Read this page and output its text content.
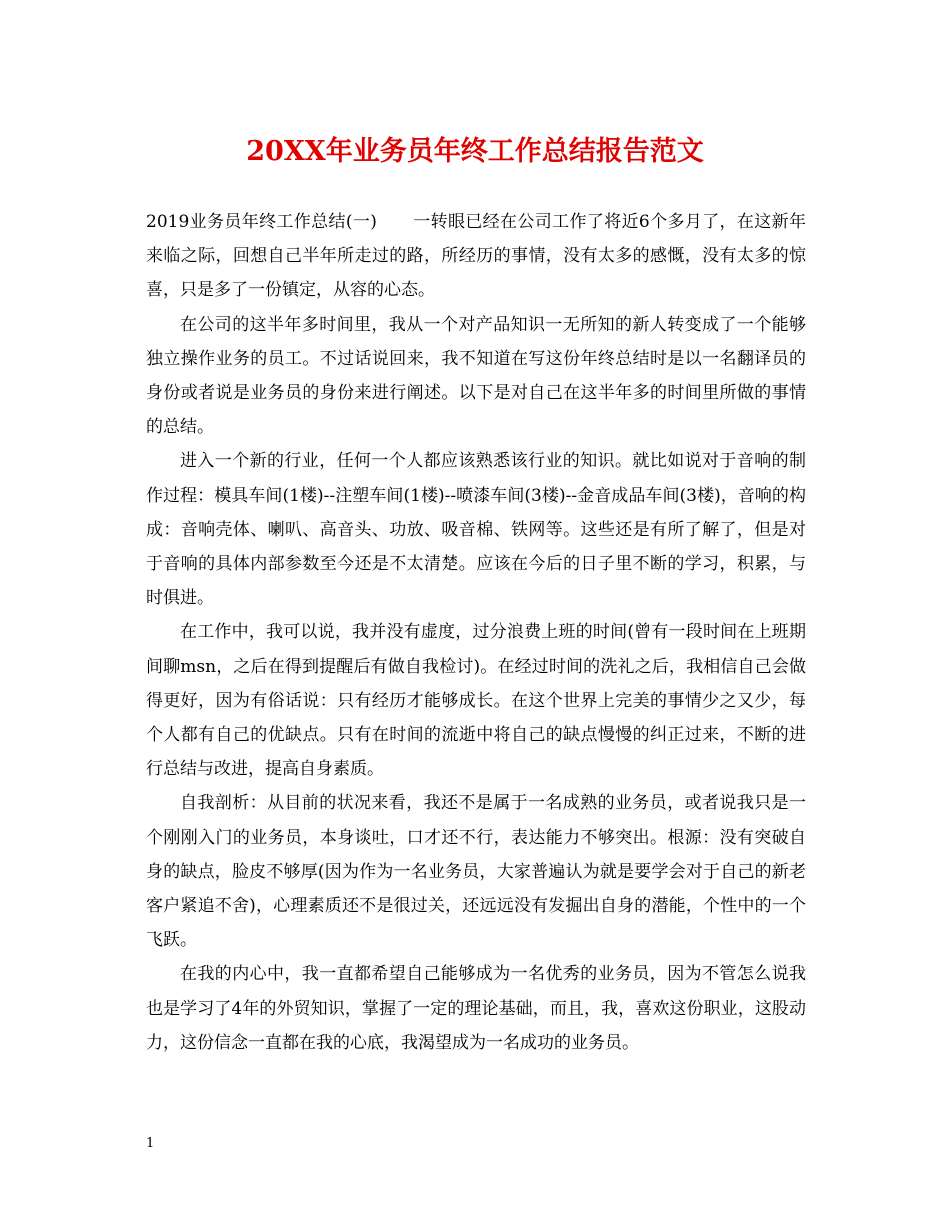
20XX年业务员年终工作总结报告范文

2019业务员年终工作总结(一) 一转眼已经在公司工作了将近6个多月了，在这新年来临之际，回想自己半年所走过的路，所经历的事情，没有太多的感慨，没有太多的惊喜，只是多了一份镇定，从容的心态。

在公司的这半年多时间里，我从一个对产品知识一无所知的新人转变成了一个能够独立操作业务的员工。不过话说回来，我不知道在写这份年终总结时是以一名翻译员的身份或者说是业务员的身份来进行阐述。以下是对自己在这半年多的时间里所做的事情的总结。

进入一个新的行业，任何一个人都应该熟悉该行业的知识。就比如说对于音响的制作过程：模具车间(1楼)--注塑车间(1楼)--喷漆车间(3楼)--金音成品车间(3楼)，音响的构成：音响壳体、喇叭、高音头、功放、吸音棉、铁网等。这些还是有所了解了，但是对于音响的具体内部参数至今还是不太清楚。应该在今后的日子里不断的学习，积累，与时俱进。

在工作中，我可以说，我并没有虚度，过分浪费上班的时间(曾有一段时间在上班期间聊msn，之后在得到提醒后有做自我检讨)。在经过时间的洗礼之后，我相信自己会做得更好，因为有俗话说：只有经历才能够成长。在这个世界上完美的事情少之又少，每个人都有自己的优缺点。只有在时间的流逝中将自己的缺点慢慢的纠正过来，不断的进行总结与改进，提高自身素质。

自我剖析：从目前的状况来看，我还不是属于一名成熟的业务员，或者说我只是一个刚刚入门的业务员，本身谈吐，口才还不行，表达能力不够突出。根源：没有突破自身的缺点，脸皮不够厚(因为作为一名业务员，大家普遍认为就是要学会对于自己的新老客户紧追不舍)，心理素质还不是很过关，还远远没有发掘出自身的潜能，个性中的一个飞跃。

在我的内心中，我一直都希望自己能够成为一名优秀的业务员，因为不管怎么说我也是学习了4年的外贸知识，掌握了一定的理论基础，而且，我，喜欢这份职业，这股动力，这份信念一直都在我的心底，我渴望成为一名成功的业务员。

1
